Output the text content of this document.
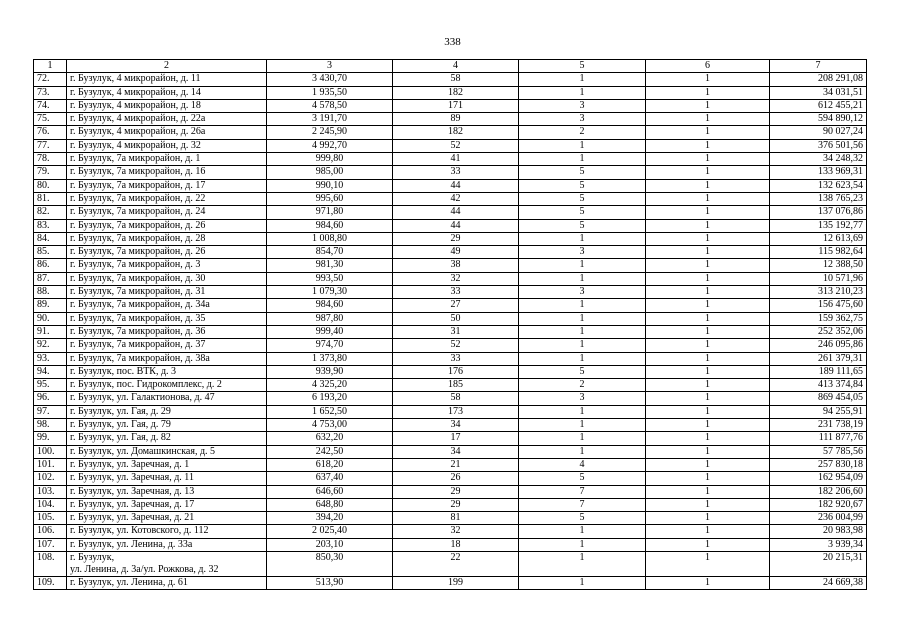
338
1	2	3	4	5	6	7
72.	г. Бузулук, 4 микрорайон, д. 11	3 430,70	58	1	1	208 291,08
73.	г. Бузулук, 4 микрорайон, д. 14	1 935,50	182	1	1	34 031,51
74.	г. Бузулук, 4 микрорайон, д. 18	4 578,50	171	3	1	612 455,21
75.	г. Бузулук, 4 микрорайон, д. 22а	3 191,70	89	3	1	594 890,12
76.	г. Бузулук, 4 микрорайон, д. 26а	2 245,90	182	2	1	90 027,24
77.	г. Бузулук, 4 микрорайон, д. 32	4 992,70	52	1	1	376 501,56
78.	г. Бузулук, 7а микрорайон, д. 1	999,80	41	1	1	34 248,32
79.	г. Бузулук, 7а микрорайон, д. 16	985,00	33	5	1	133 969,31
80.	г. Бузулук, 7а микрорайон, д. 17	990,10	44	5	1	132 623,54
81.	г. Бузулук, 7а микрорайон, д. 22	995,60	42	5	1	138 765,23
82.	г. Бузулук, 7а микрорайон, д. 24	971,80	44	5	1	137 076,86
83.	г. Бузулук, 7а микрорайон, д. 26	984,60	44	5	1	135 192,77
84.	г. Бузулук, 7а микрорайон, д. 28	1 008,80	29	1	1	12 613,69
85.	г. Бузулук, 7а микрорайон, д. 26	854,70	49	3	1	115 982,64
86.	г. Бузулук, 7а микрорайон, д. 3	981,30	38	1	1	12 388,50
87.	г. Бузулук, 7а микрорайон, д. 30	993,50	32	1	1	10 571,96
88.	г. Бузулук, 7а микрорайон, д. 31	1 079,30	33	3	1	313 210,23
89.	г. Бузулук, 7а микрорайон, д. 34а	984,60	27	1	1	156 475,60
90.	г. Бузулук, 7а микрорайон, д. 35	987,80	50	1	1	159 362,75
91.	г. Бузулук, 7а микрорайон, д. 36	999,40	31	1	1	252 352,06
92.	г. Бузулук, 7а микрорайон, д. 37	974,70	52	1	1	246 095,86
93.	г. Бузулук, 7а микрорайон, д. 38а	1 373,80	33	1	1	261 379,31
94.	г. Бузулук, пос. ВТК, д. 3	939,90	176	5	1	189 111,65
95.	г. Бузулук, пос. Гидрокомплекс, д. 2	4 325,20	185	2	1	413 374,84
96.	г. Бузулук, ул. Галактионова, д. 47	6 193,20	58	3	1	869 454,05
97.	г. Бузулук, ул. Гая, д. 29	1 652,50	173	1	1	94 255,91
98.	г. Бузулук, ул. Гая, д. 79	4 753,00	34	1	1	231 738,19
99.	г. Бузулук, ул. Гая, д. 82	632,20	17	1	1	111 877,76
100.	г. Бузулук, ул. Домашкинская, д. 5	242,50	34	1	1	57 785,56
101.	г. Бузулук, ул. Заречная, д. 1	618,20	21	4	1	257 830,18
102.	г. Бузулук, ул. Заречная, д. 11	637,40	26	5	1	162 954,09
103.	г. Бузулук, ул. Заречная, д. 13	646,60	29	7	1	182 206,60
104.	г. Бузулук, ул. Заречная, д. 17	648,80	29	7	1	182 920,67
105.	г. Бузулук, ул. Заречная, д. 21	394,20	81	5	1	236 004,99
106.	г. Бузулук, ул. Котовского, д. 112	2 025,40	32	1	1	20 983,98
107.	г. Бузулук, ул. Ленина, д. 33а	203,10	18	1	1	3 939,34
108.	г. Бузулук,
ул. Ленина, д. 3а/ул. Рожкова, д. 32	850,30	22	1	1	20 215,31
109.	г. Бузулук, ул. Ленина, д. 61	513,90	199	1	1	24 669,38
